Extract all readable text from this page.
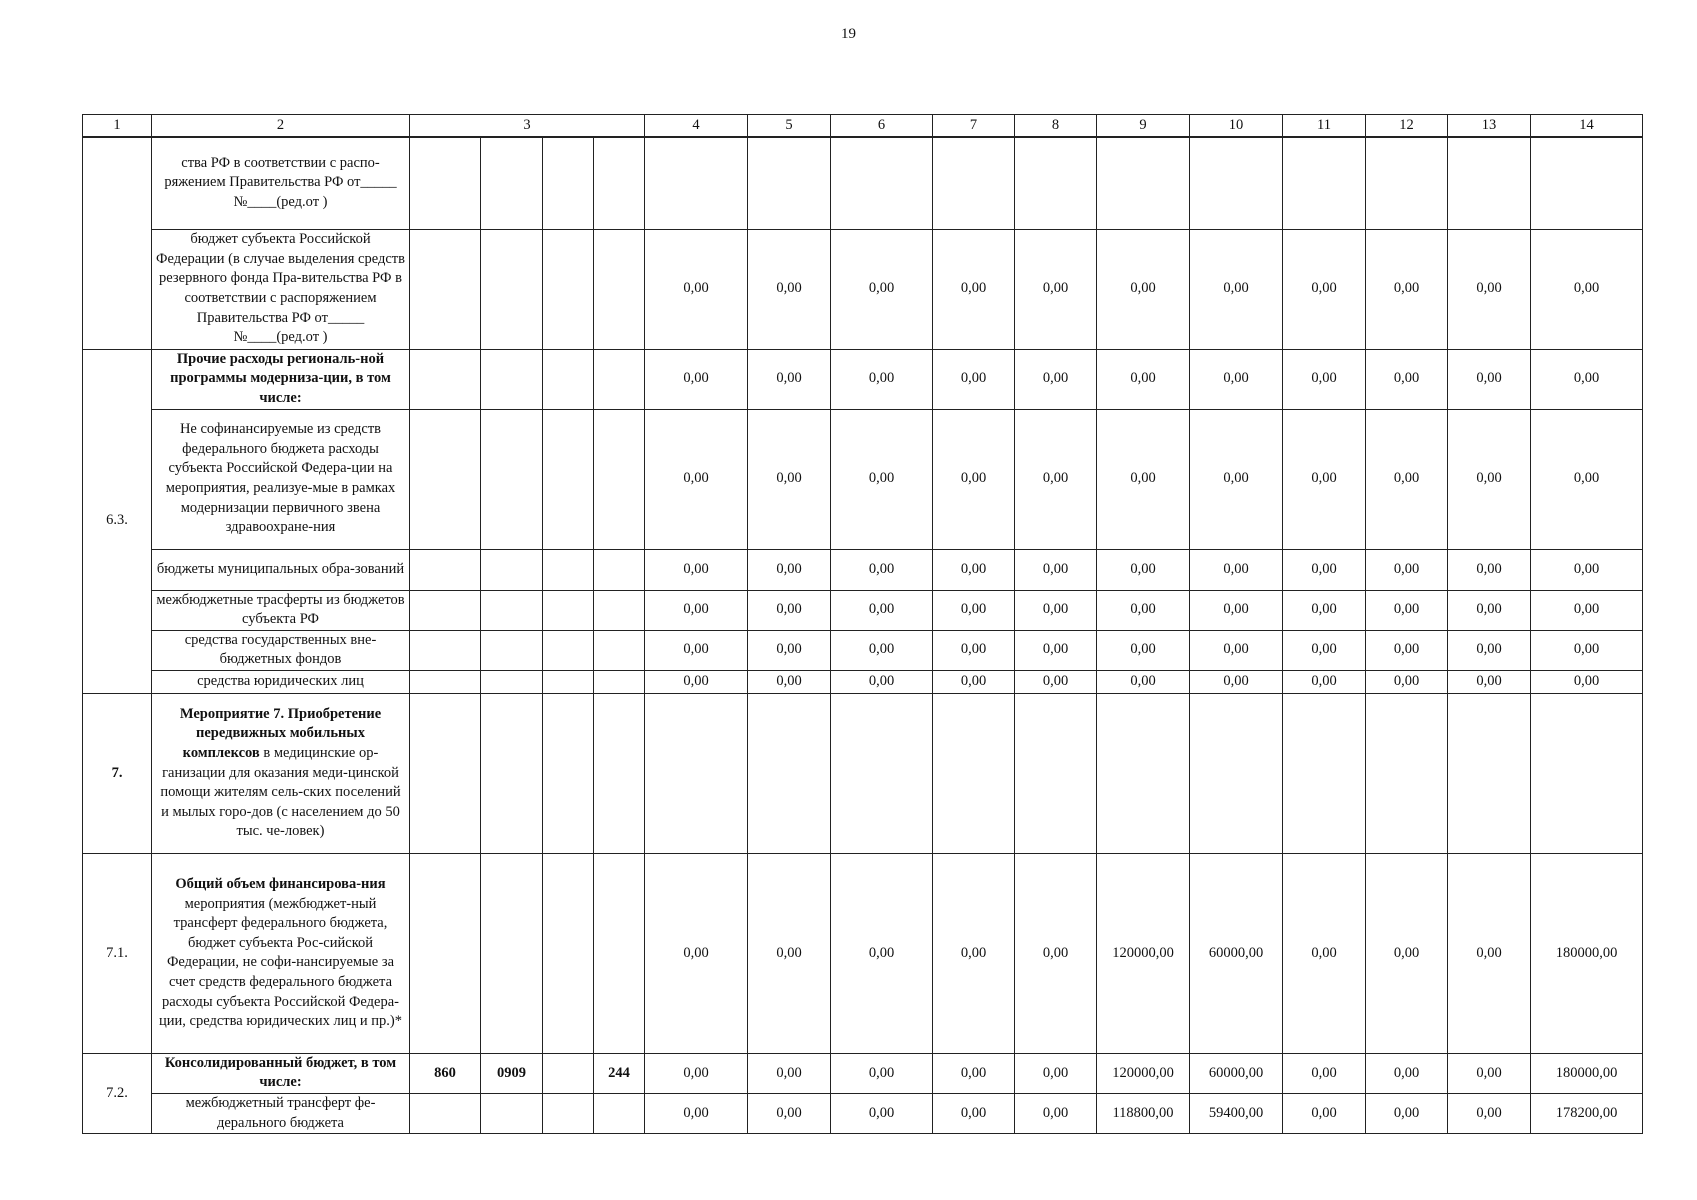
19
1	2	3				4	5	6	7	8	9	10	11	12	13	14
	ства РФ в соответствии с распо-ряжением Правительства РФ от_____ №____(ред.от )															
	бюджет субъекта Российской Федерации (в случае выделения средств резервного фонда Пра-вительства РФ в соответствии с распоряжением Правительства РФ от_____ №____(ред.от )					0,00	0,00	0,00	0,00	0,00	0,00	0,00	0,00	0,00	0,00	0,00
6.3.	Прочие расходы региональ-ной программы модерниза-ции, в том числе:					0,00	0,00	0,00	0,00	0,00	0,00	0,00	0,00	0,00	0,00	0,00
	Не софинансируемые из средств федерального бюджета расходы субъекта Российской Федера-ции на мероприятия, реализуе-мые в рамках модернизации первичного звена здравоохране-ния					0,00	0,00	0,00	0,00	0,00	0,00	0,00	0,00	0,00	0,00	0,00
	бюджеты муниципальных обра-зований					0,00	0,00	0,00	0,00	0,00	0,00	0,00	0,00	0,00	0,00	0,00
	межбюджетные трасферты из бюджетов субъекта РФ					0,00	0,00	0,00	0,00	0,00	0,00	0,00	0,00	0,00	0,00	0,00
	средства государственных вне-бюджетных фондов					0,00	0,00	0,00	0,00	0,00	0,00	0,00	0,00	0,00	0,00	0,00
	средства юридических лиц					0,00	0,00	0,00	0,00	0,00	0,00	0,00	0,00	0,00	0,00	0,00
7.	Мероприятие 7. Приобретение передвижных мобильных комплексов в медицинские ор-ганизации для оказания меди-цинской помощи жителям сель-ских поселений и мылых горо-дов (с населением до 50 тыс. че-ловек)															
7.1.	Общий объем финансирова-ния мероприятия (межбюджет-ный трансферт федерального бюджета, бюджет субъекта Рос-сийской Федерации, не софи-нансируемые за счет средств федерального бюджета расходы субъекта Российской Федера-ции, средства юридических лиц и пр.)*					0,00	0,00	0,00	0,00	0,00	120000,00	60000,00	0,00	0,00	0,00	180000,00
7.2.	Консолидированный бюджет, в том числе:	860	0909		244	0,00	0,00	0,00	0,00	0,00	120000,00	60000,00	0,00	0,00	0,00	180000,00
	межбюджетный трансферт фе-дерального бюджета					0,00	0,00	0,00	0,00	0,00	118800,00	59400,00	0,00	0,00	0,00	178200,00
